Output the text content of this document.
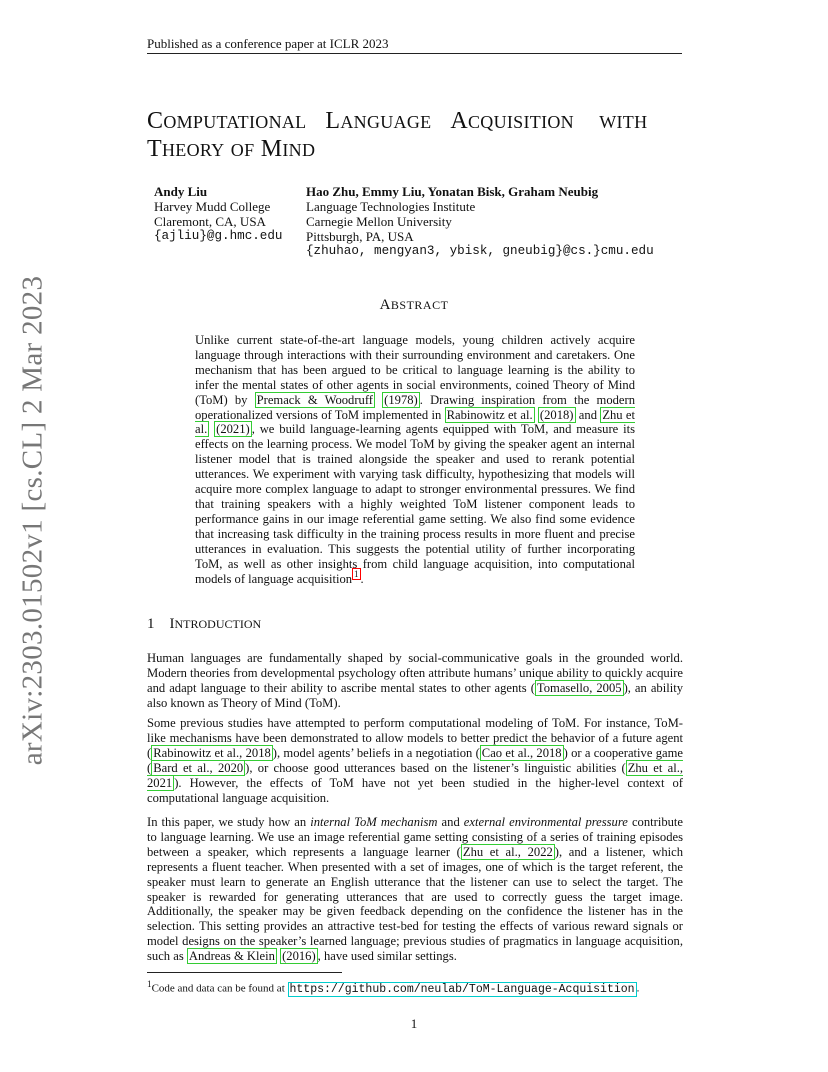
Published as a conference paper at ICLR 2023
arXiv:2303.01502v1 [cs.CL] 2 Mar 2023
COMPUTATIONAL LANGUAGE ACQUISITION WITH
THEORY OF MIND
Andy Liu
Harvey Mudd College
Claremont, CA, USA
{ajliu}@g.hmc.edu
Hao Zhu, Emmy Liu, Yonatan Bisk, Graham Neubig
Language Technologies Institute
Carnegie Mellon University
Pittsburgh, PA, USA
{zhuhao, mengyan3, ybisk, gneubig}@cs.}cmu.edu
ABSTRACT
Unlike current state-of-the-art language models, young children actively acquire language through interactions with their surrounding environment and caretakers. One mechanism that has been argued to be critical to language learning is the ability to infer the mental states of other agents in social environments, coined Theory of Mind (ToM) by Premack & Woodruff (1978) . Drawing inspiration from the modern operationalized versions of ToM implemented in Rabinowitz et al. (2018) and Zhu et al. (2021) , we build language-learning agents equipped with ToM, and measure its effects on the learning process. We model ToM by giving the speaker agent an internal listener model that is trained alongside the speaker and used to rerank potential utterances. We experiment with varying task difficulty, hypothesizing that models will acquire more complex language to adapt to stronger environmental pressures. We find that training speakers with a highly weighted ToM listener component leads to performance gains in our image referential game setting. We also find some evidence that increasing task difficulty in the training process results in more fluent and precise utterances in evaluation. This suggests the potential utility of further incorporating ToM, as well as other insights from child language acquisition, into computational models of language acquisition $^1$ .
1 INTRODUCTION

Human languages are fundamentally shaped by social-communicative goals in the grounded world. Modern theories from developmental psychology often attribute humans’ unique ability to quickly acquire and adapt language to their ability to ascribe mental states to other agents ( Tomasello, 2005 ), an ability also known as Theory of Mind (ToM).

Some previous studies have attempted to perform computational modeling of ToM. For instance, ToM-like mechanisms have been demonstrated to allow models to better predict the behavior of a future agent ( Rabinowitz et al., 2018 ), model agents’ beliefs in a negotiation ( Cao et al., 2018 ) or a cooperative game ( Bard et al., 2020 ), or choose good utterances based on the listener’s linguistic abilities ( Zhu et al., 2021 ). However, the effects of ToM have not yet been studied in the higher-level context of computational language acquisition.

In this paper, we study how an internal ToM mechanism and external environmental pressure contribute to language learning. We use an image referential game setting consisting of a series of training episodes between a speaker, which represents a language learner ( Zhu et al., 2022 ), and a listener, which represents a fluent teacher. When presented with a set of images, one of which is the target referent, the speaker must learn to generate an English utterance that the listener can use to select the target. The speaker is rewarded for generating utterances that are used to correctly guess the target image. Additionally, the speaker may be given feedback depending on the confidence the listener has in the selection. This setting provides an attractive test-bed for testing the effects of various reward signals or model designs on the speaker’s learned language; previous studies of pragmatics in language acquisition, such as Andreas & Klein (2016) , have used similar settings.

$^1$Code and data can be found at https://github.com/neulab/ToM-Language-Acquisition .
1
